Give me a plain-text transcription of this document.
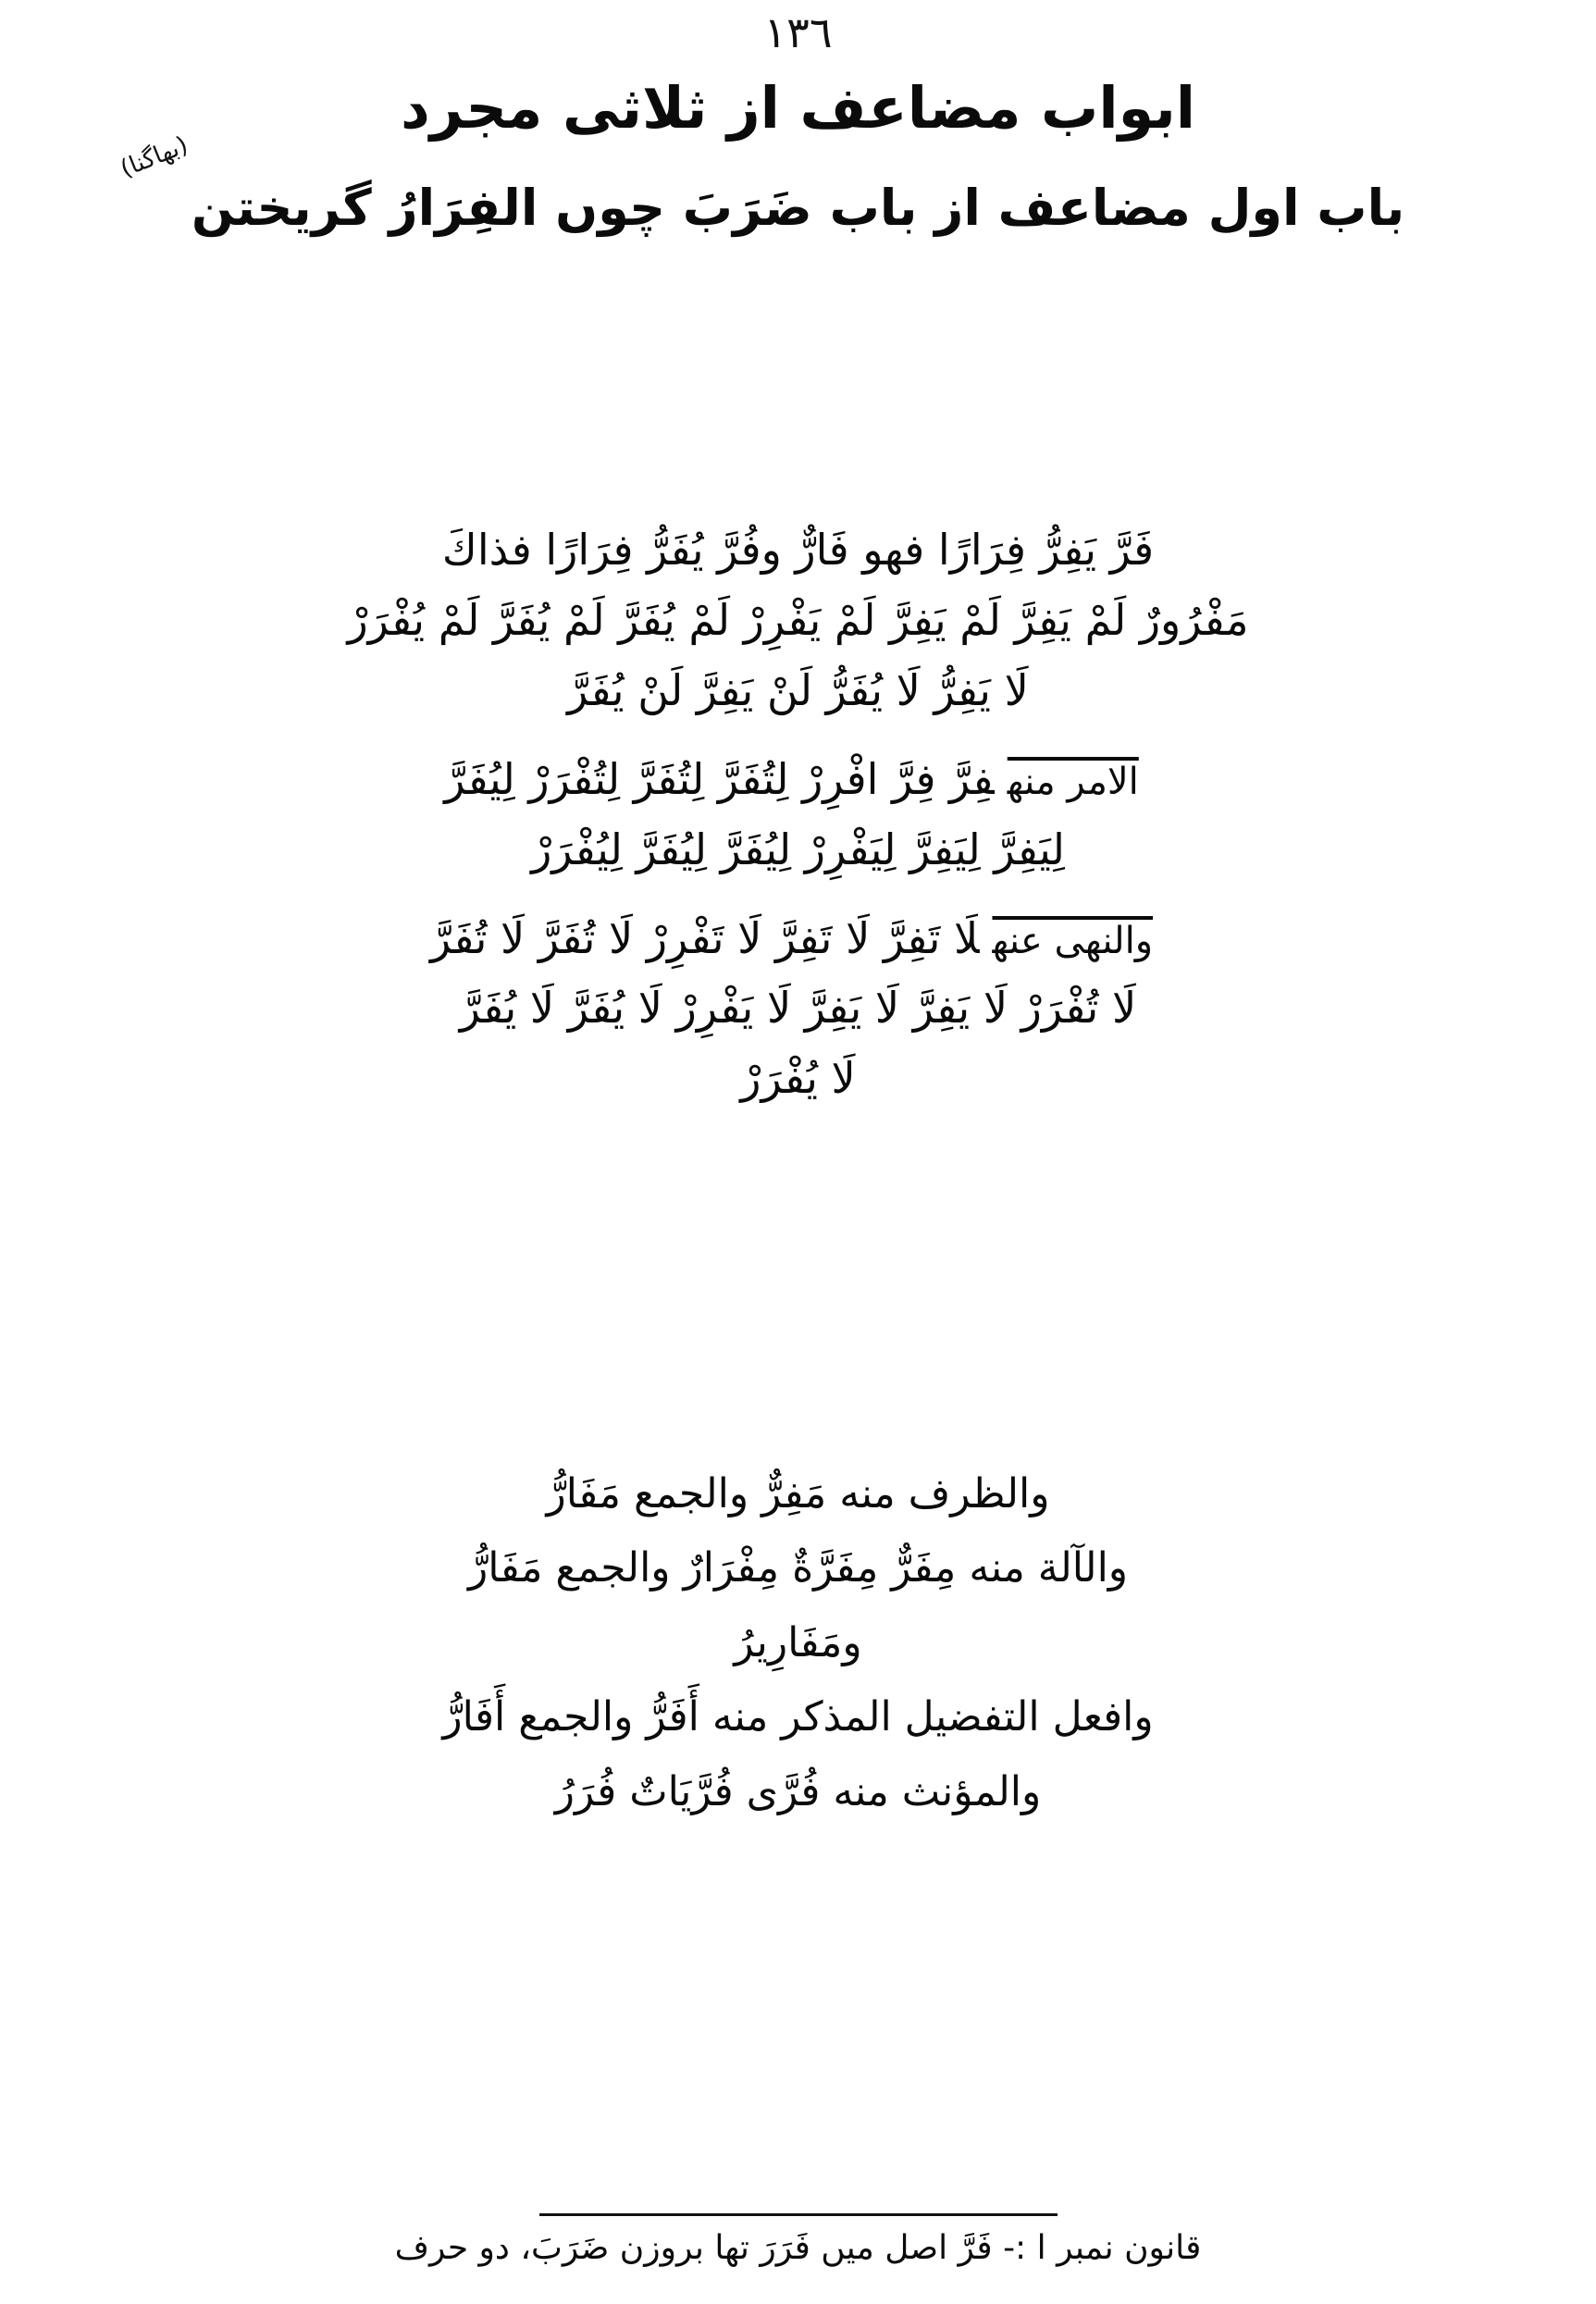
١٣٦
ابواب مضاعف از ثلاثى مجرد
باب اول مضاعف از باب ضَرَبَ چوں الفِرَارُ گریختن
(بھاگنا)
فَرَّ يَفِرُّ فِرَارًا فهو فَارٌّ وفُرَّ يُفَرُّ فِرَارًا فذاكَ
مَفْرُورٌ لَمْ يَفِرَّ لَمْ يَفِرَّ لَمْ يَفْرِرْ لَمْ يُفَرَّ لَمْ يُفَرَّ لَمْ يُفْرَرْ
لَا يَفِرُّ لَا يُفَرُّ لَنْ يَفِرَّ لَنْ يُفَرَّ
الامر منهفِرَّ فِرَّ افْرِرْ لِتُفَرَّ لِتُفَرَّ لِتُفْرَرْ لِيُفَرَّ
لِيَفِرَّ لِيَفِرَّ لِيَفْرِرْ لِيُفَرَّ لِيُفَرَّ لِيُفْرَرْ
والنهى عنهلَا تَفِرَّ لَا تَفِرَّ لَا تَفْرِرْ لَا تُفَرَّ لَا تُفَرَّ
لَا تُفْرَرْ لَا يَفِرَّ لَا يَفِرَّ لَا يَفْرِرْ لَا يُفَرَّ لَا يُفَرَّ
لَا يُفْرَرْ
والظرف منه مَفِرٌّ والجمع مَفَارُّ
والآلة منه مِفَرٌّ مِفَرَّةٌ مِفْرَارٌ والجمع مَفَارُّ
ومَفَارِيرُ
وافعل التفضيل المذكر منه أَفَرُّ والجمع أَفَارُّ
والمؤنث منه فُرَّى فُرَّيَاتٌ فُرَرُ
قانون نمبر ا :- فَرَّ اصل ميں فَرَرَ تھا بروزن ضَرَبَ، دو حرف
